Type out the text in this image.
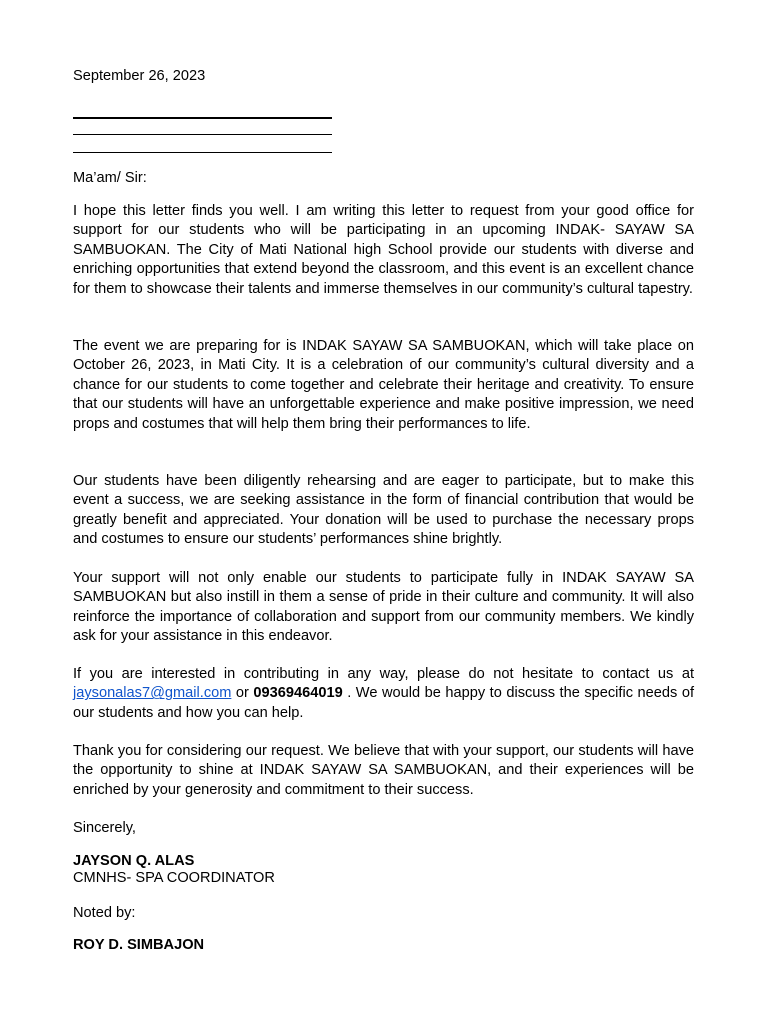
September 26, 2023
Ma’am/ Sir:

I hope this letter finds you well. I am writing this letter to request from your good office for support for our students who will be participating in an upcoming INDAK- SAYAW SA SAMBUOKAN. The City of Mati National high School provide our students with diverse and enriching opportunities that extend beyond the classroom, and this event is an excellent chance for them to showcase their talents and immerse themselves in our community’s cultural tapestry.

The event we are preparing for is INDAK SAYAW SA SAMBUOKAN, which will take place on October 26, 2023, in Mati City. It is a celebration of our community’s cultural diversity and a chance for our students to come together and celebrate their heritage and creativity. To ensure that our students will have an unforgettable experience and make positive impression, we need props and costumes that will help them bring their performances to life.

Our students have been diligently rehearsing and are eager to participate, but to make this event a success, we are seeking assistance in the form of financial contribution that would be greatly benefit and appreciated. Your donation will be used to purchase the necessary props and costumes to ensure our students’ performances shine brightly.

Your support will not only enable our students to participate fully in INDAK SAYAW SA SAMBUOKAN but also instill in them a sense of pride in their culture and community. It will also reinforce the importance of collaboration and support from our community members. We kindly ask for your assistance in this endeavor.

If you are interested in contributing in any way, please do not hesitate to contact us at jaysonalas7@gmail.com or 09369464019 . We would be happy to discuss the specific needs of our students and how you can help.

Thank you for considering our request. We believe that with your support, our students will have the opportunity to shine at INDAK SAYAW SA SAMBUOKAN, and their experiences will be enriched by your generosity and commitment to their success.

Sincerely,
JAYSON Q. ALAS
CMNHS- SPA COORDINATOR
Noted by:
ROY D. SIMBAJON
